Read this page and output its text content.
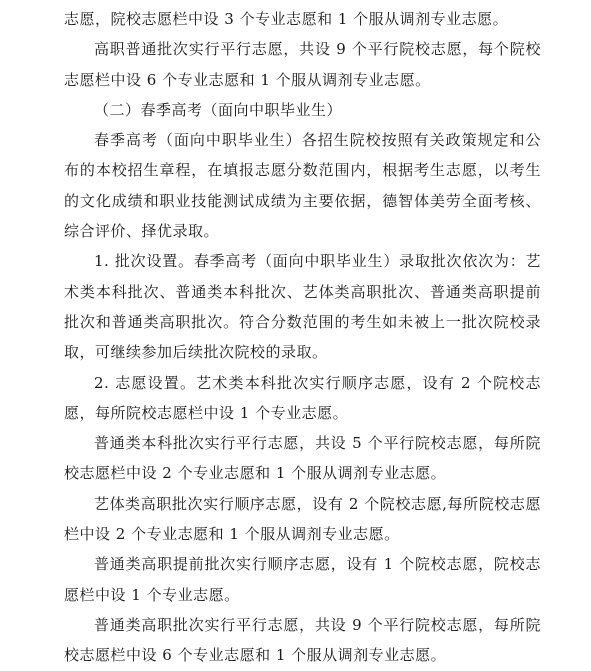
志愿，院校志愿栏中设 3 个专业志愿和 1 个服从调剂专业志愿。

高职普通批次实行平行志愿，共设 9 个平行院校志愿，每个院校志愿栏中设 6 个专业志愿和 1 个服从调剂专业志愿。

（二）春季高考（面向中职毕业生）

春季高考（面向中职毕业生）各招生院校按照有关政策规定和公布的本校招生章程，在填报志愿分数范围内，根据考生志愿，以考生的文化成绩和职业技能测试成绩为主要依据，德智体美劳全面考核、综合评价、择优录取。

1. 批次设置。春季高考（面向中职毕业生）录取批次依次为：艺术类本科批次、普通类本科批次、艺体类高职批次、普通类高职提前批次和普通类高职批次。符合分数范围的考生如未被上一批次院校录取，可继续参加后续批次院校的录取。

2. 志愿设置。艺术类本科批次实行顺序志愿，设有 2 个院校志愿，每所院校志愿栏中设 1 个专业志愿。

普通类本科批次实行平行志愿，共设 5 个平行院校志愿，每所院校志愿栏中设 2 个专业志愿和 1 个服从调剂专业志愿。

艺体类高职批次实行顺序志愿，设有 2 个院校志愿,每所院校志愿栏中设 2 个专业志愿和 1 个服从调剂专业志愿。

普通类高职提前批次实行顺序志愿，设有 1 个院校志愿，院校志愿栏中设 1 个专业志愿。

普通类高职批次实行平行志愿，共设 9 个平行院校志愿，每所院校志愿栏中设 6 个专业志愿和 1 个服从调剂专业志愿。
